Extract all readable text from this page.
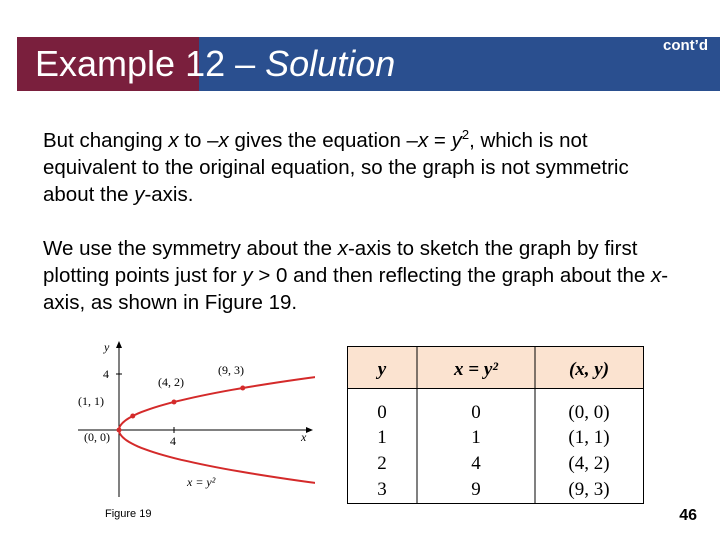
Example 12 – Solution	cont’d
But changing x to –x gives the equation $-x = y^2$, which is not equivalent to the original equation, so the graph is not symmetric about the y-axis.
We use the symmetry about the x-axis to sketch the graph by first plotting points just for y > 0 and then reflecting the graph about the x-axis, as shown in Figure 19.
y
x
4
4
(0, 0)
(1, 1)
(4, 2)
(9, 3)
x = y²
y	x = y²	(x, y)
0	0	(0, 0)
1	1	(1, 1)
2	4	(4, 2)
3	9	(9, 3)
Figure 19	46
